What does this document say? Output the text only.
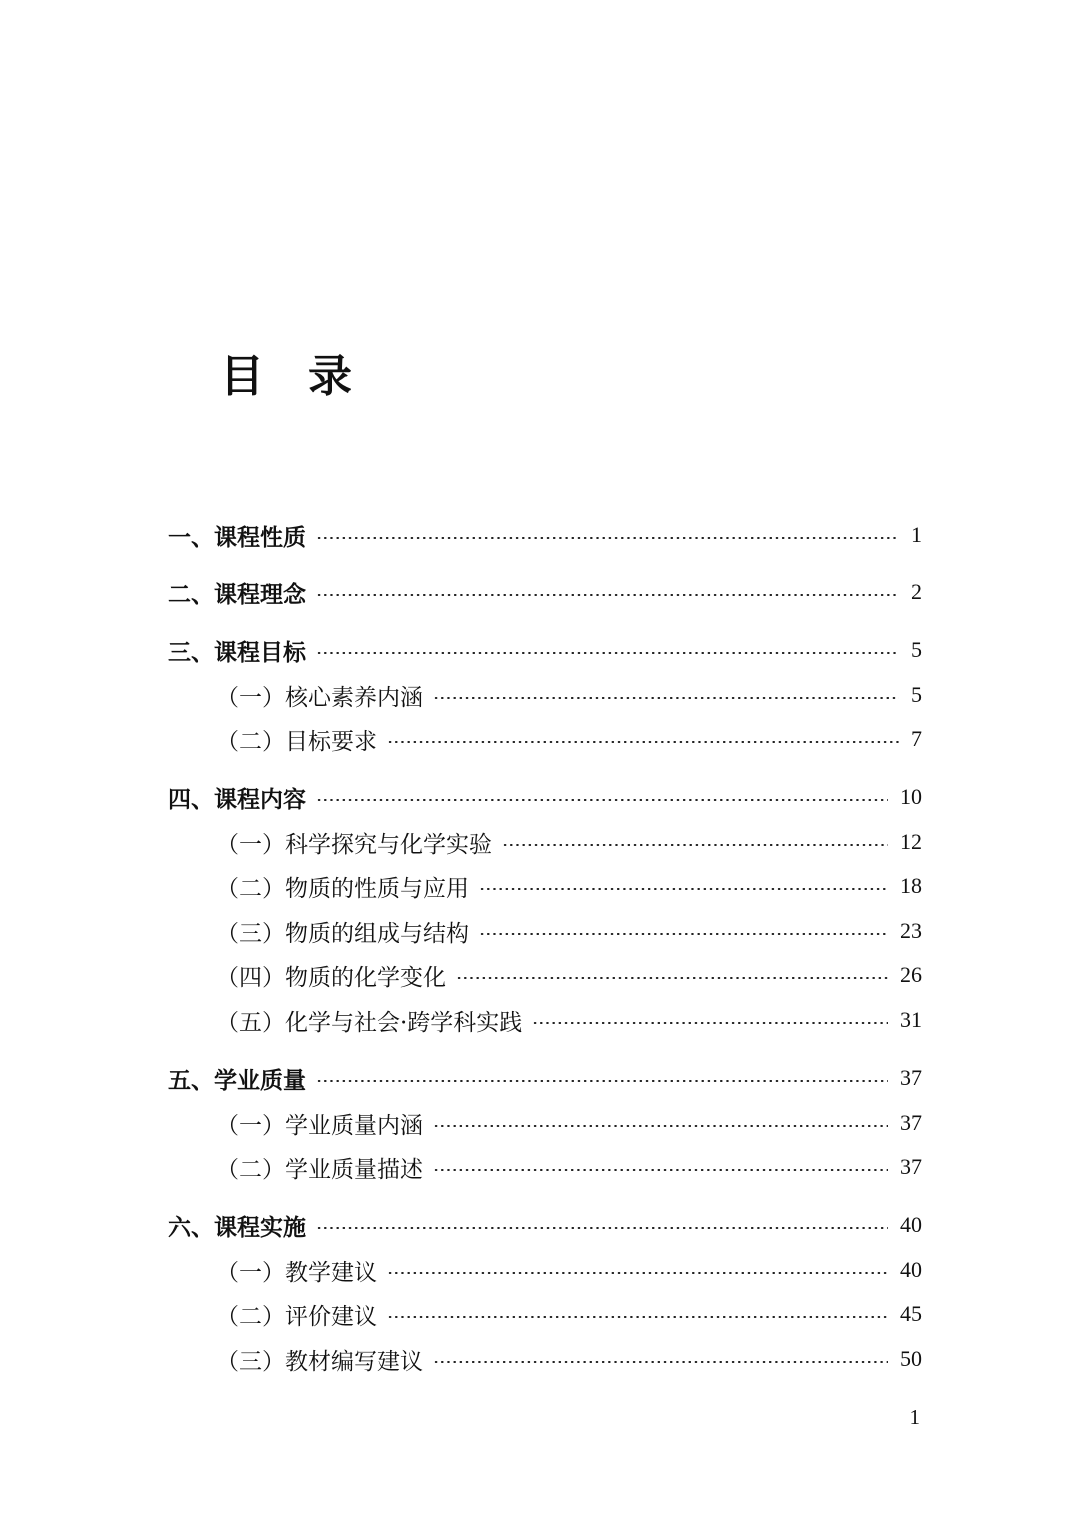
目 录
一、课程性质	1
二、课程理念	2
三、课程目标	5
（一）核心素养内涵	5
（二）目标要求	7
四、课程内容	10
（一）科学探究与化学实验	12
（二）物质的性质与应用	18
（三）物质的组成与结构	23
（四）物质的化学变化	26
（五）化学与社会·跨学科实践	31
五、学业质量	37
（一）学业质量内涵	37
（二）学业质量描述	37
六、课程实施	40
（一）教学建议	40
（二）评价建议	45
（三）教材编写建议	50
1
